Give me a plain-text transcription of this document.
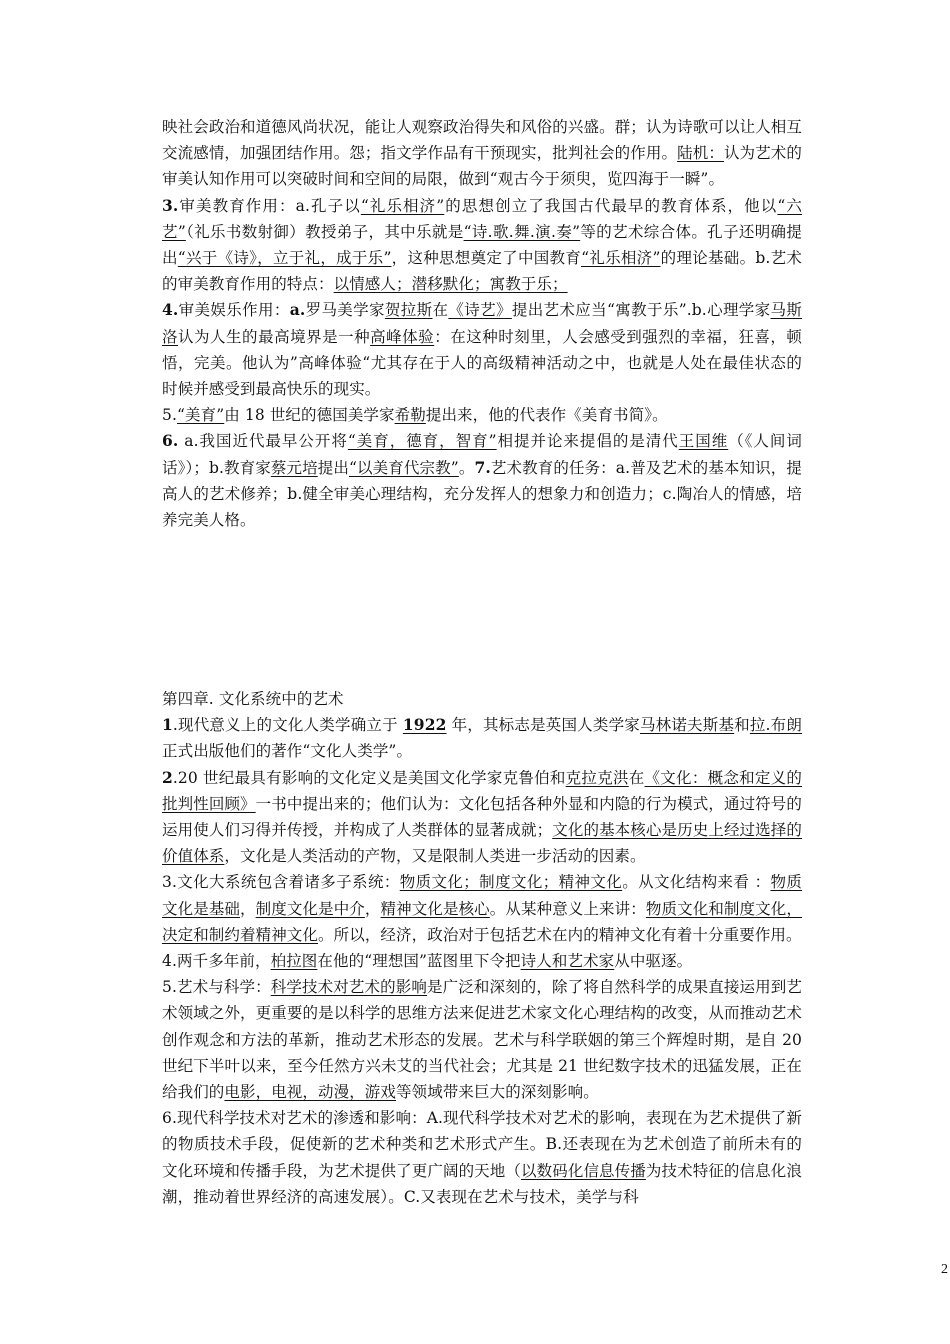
映社会政治和道德风尚状况，能让人观察政治得失和风俗的兴盛。群；认为诗歌可以让人相互交流感情，加强团结作用。怨；指文学作品有干预现实，批判社会的作用。陆机：认为艺术的审美认知作用可以突破时间和空间的局限，做到“观古今于须臾，览四海于一瞬”。

3.审美教育作用：a.孔子以“礼乐相济”的思想创立了我国古代最早的教育体系，他以“六艺”（礼乐书数射御）教授弟子，其中乐就是“诗.歌.舞.演.奏”等的艺术综合体。孔子还明确提出“兴于《诗》，立于礼，成于乐”，这种思想奠定了中国教育“礼乐相济”的理论基础。b.艺术的审美教育作用的特点：以情感人；潜移默化；寓教于乐；

4.审美娱乐作用：a.罗马美学家贺拉斯在《诗艺》提出艺术应当“寓教于乐”.b.心理学家马斯洛认为人生的最高境界是一种高峰体验：在这种时刻里，人会感受到强烈的幸福，狂喜，顿悟，完美。他认为”高峰体验“尤其存在于人的高级精神活动之中，也就是人处在最佳状态的时候并感受到最高快乐的现实。

5.“美育”由 18 世纪的德国美学家希勒提出来，他的代表作《美育书简》。

6. a.我国近代最早公开将“美育，德育，智育”相提并论来提倡的是清代王国维（《人间词话》）；b.教育家蔡元培提出“以美育代宗教”。7.艺术教育的任务：a.普及艺术的基本知识，提高人的艺术修养；b.健全审美心理结构，充分发挥人的想象力和创造力；c.陶冶人的情感，培养完美人格。

第四章. 文化系统中的艺术

1.现代意义上的文化人类学确立于 1922 年，其标志是英国人类学家马林诺夫斯基和拉.布朗正式出版他们的著作“文化人类学”。

2.20 世纪最具有影响的文化定义是美国文化学家克鲁伯和克拉克洪在《文化：概念和定义的批判性回顾》一书中提出来的；他们认为：文化包括各种外显和内隐的行为模式，通过符号的运用使人们习得并传授，并构成了人类群体的显著成就；文化的基本核心是历史上经过选择的价值体系，文化是人类活动的产物，又是限制人类进一步活动的因素。

3.文化大系统包含着诸多子系统：物质文化；制度文化；精神文化。从文化结构来看 ：物质文化是基础，制度文化是中介，精神文化是核心。从某种意义上来讲：物质文化和制度文化，决定和制约着精神文化。所以，经济，政治对于包括艺术在内的精神文化有着十分重要作用。

4.两千多年前，柏拉图在他的“理想国”蓝图里下令把诗人和艺术家从中驱逐。

5.艺术与科学：科学技术对艺术的影响是广泛和深刻的，除了将自然科学的成果直接运用到艺术领域之外，更重要的是以科学的思维方法来促进艺术家文化心理结构的改变，从而推动艺术创作观念和方法的革新，推动艺术形态的发展。艺术与科学联姻的第三个辉煌时期，是自 20 世纪下半叶以来，至今任然方兴未艾的当代社会；尤其是 21 世纪数字技术的迅猛发展，正在给我们的电影，电视，动漫，游戏等领域带来巨大的深刻影响。

6.现代科学技术对艺术的渗透和影响：A.现代科学技术对艺术的影响，表现在为艺术提供了新的物质技术手段，促使新的艺术种类和艺术形式产生。B.还表现在为艺术创造了前所未有的文化环境和传播手段，为艺术提供了更广阔的天地（以数码化信息传播为技术特征的信息化浪潮，推动着世界经济的高速发展）。C.又表现在艺术与技术，美学与科

2
